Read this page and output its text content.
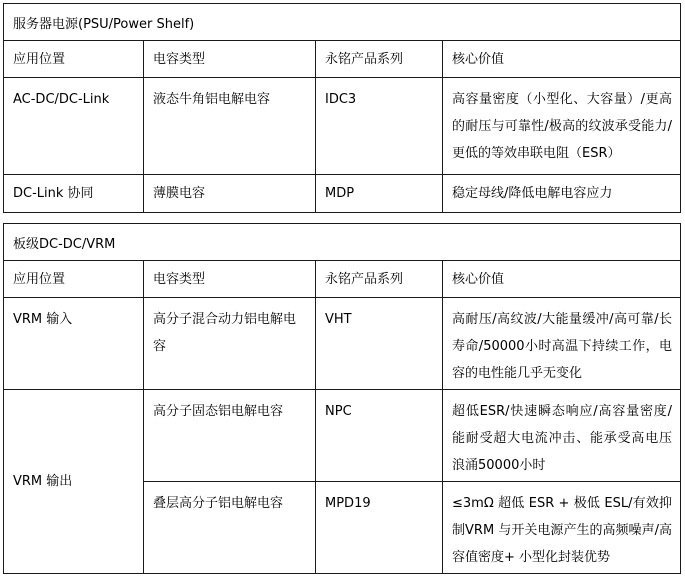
服务器电源(PSU/Power Shelf)			

应用位置	电容类型	永铭产品系列	核心价值

AC-DC/DC-Link	液态牛角铝电解电容	IDC3	高容量密度（小型化、大容量）/更高的耐压与可靠性/极高的纹波承受能力/更低的等效串联电阻（ESR）

DC-Link 协同	薄膜电容	MDP	稳定母线/降低电解电容应力
板级DC-DC/VRM			

应用位置	电容类型	永铭产品系列	核心价值

VRM 输入	高分子混合动力铝电解电容	VHT	高耐压/高纹波/大能量缓冲/高可靠/长寿命/50000小时高温下持续工作，电容的电性能几乎无变化

VRM 输出	高分子固态铝电解电容	NPC	超低ESR/快速瞬态响应/高容量密度/能耐受超大电流冲击、能承受高电压浪涌50000小时

	叠层高分子铝电解电容	MPD19	≤3mΩ 超低 ESR + 极低 ESL/有效抑制VRM 与开关电源产生的高频噪声/高容值密度+ 小型化封装优势
